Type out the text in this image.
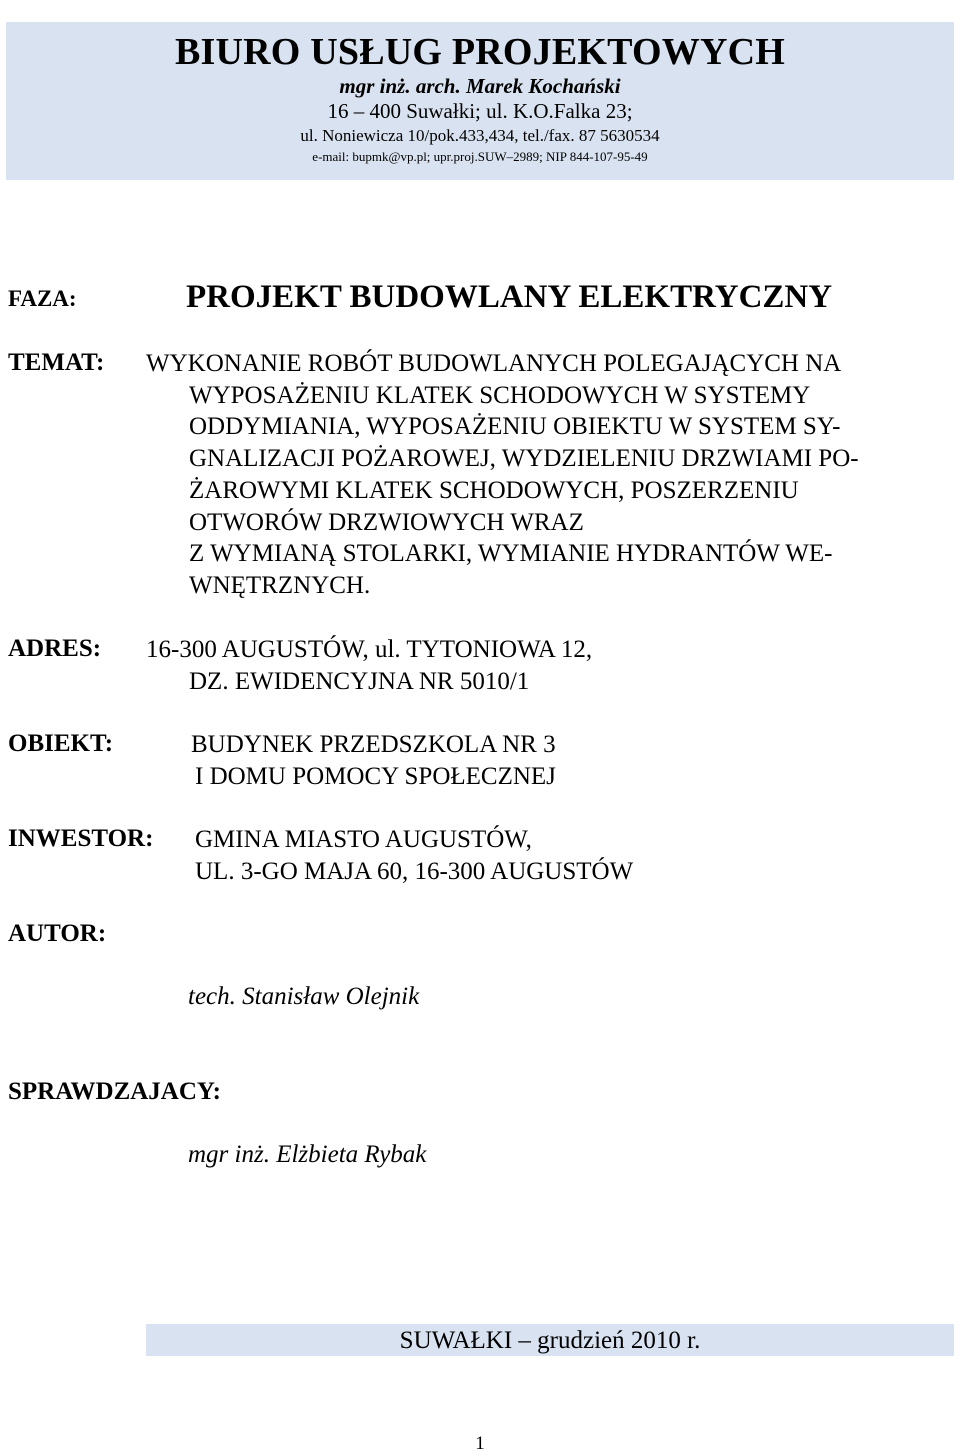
BIURO USŁUG PROJEKTOWYCH
mgr inż. arch. Marek Kochański
16 – 400 Suwałki; ul. K.O.Falka 23;
ul. Noniewicza 10/pok.433,434, tel./fax. 87 5630534
e-mail: bupmk@vp.pl; upr.proj.SUW–2989; NIP 844-107-95-49
FAZA:	PROJEKT BUDOWLANY ELEKTRYCZNY
TEMAT: WYKONANIE ROBÓT BUDOWLANYCH POLEGAJĄCYCH NA
WYPOSAŻENIU KLATEK SCHODOWYCH W SYSTEMY
ODDYMIANIA, WYPOSAŻENIU OBIEKTU W SYSTEM SY-
GNALIZACJI POŻAROWEJ, WYDZIELENIU DRZWIAMI PO-
ŻAROWYMI KLATEK SCHODOWYCH, POSZERZENIU
OTWORÓW DRZWIOWYCH WRAZ
Z WYMIANĄ STOLARKI, WYMIANIE HYDRANTÓW WE-
WNĘTRZNYCH.
ADRES: 16-300 AUGUSTÓW, ul. TYTONIOWA 12,
DZ. EWIDENCYJNA NR 5010/1
OBIEKT:	BUDYNEK PRZEDSZKOLA NR 3
I DOMU POMOCY SPOŁECZNEJ
INWESTOR: GMINA MIASTO AUGUSTÓW,
UL. 3-GO MAJA 60, 16-300 AUGUSTÓW
AUTOR:
tech. Stanisław Olejnik
SPRAWDZAJACY:
mgr inż. Elżbieta Rybak
SUWAŁKI – grudzień 2010 r.
1
